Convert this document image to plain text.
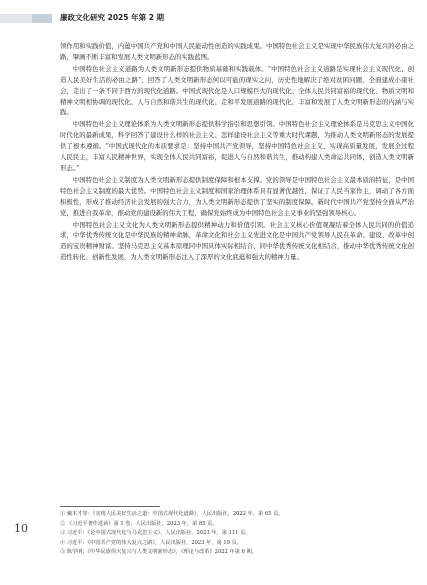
廉政文化研究 2025 年第 2 期

领作用和实践价值，内蕴中国共产党和中国人民能动性创造的实践成果。中国特色社会主义是实现中华民族伟大复兴的必由之路，擘画不断丰富和发展人类文明新形态的实践蓝图。

中国特色社会主义道路为人类文明新形态提供物质基础和实践载体。“中国特色社会主义道路是实现社会主义现代化、创造人民美好生活的必由之路”，回答了人类文明新形态何以可能的现实之问，历史性地解决了绝对贫困问题，全面建成小康社会，走出了一条不同于西方的现代化道路。中国式现代化是人口规模巨大的现代化、全体人民共同富裕的现代化、物质文明和精神文明相协调的现代化、人与自然和谐共生的现代化、走和平发展道路的现代化，丰富和发展了人类文明新形态的内涵与实践。

中国特色社会主义理论体系为人类文明新形态提供科学指引和思想引领。中国特色社会主义理论体系是马克思主义中国化时代化的最新成果，科学回答了建设什么样的社会主义、怎样建设社会主义等重大时代课题，为推动人类文明新形态的发展提供了根本遵循。“中国式现代化的本质要求是：坚持中国共产党领导，坚持中国特色社会主义，实现高质量发展，发展全过程人民民主，丰富人民精神世界，实现全体人民共同富裕，促进人与自然和谐共生，推动构建人类命运共同体，创造人类文明新形态。”

中国特色社会主义制度为人类文明新形态提供制度保障和根本支撑。党的领导是中国特色社会主义最本质的特征，是中国特色社会主义制度的最大优势。中国特色社会主义制度和国家治理体系具有显著优越性，保证了人民当家作主，调动了各方面积极性，形成了推动经济社会发展的强大合力，为人类文明新形态提供了坚实的制度保障。新时代中国共产党坚持全面从严治党，推进自我革命，推动党的建设新的伟大工程，确保党始终成为中国特色社会主义事业的坚强领导核心。

中国特色社会主义文化为人类文明新形态提供精神动力和价值引领。社会主义核心价值观凝结着全体人民共同的价值追求，中华优秀传统文化是中华民族的精神命脉，革命文化和社会主义先进文化是中国共产党领导人民在革命、建设、改革中创造的宝贵精神财富。坚持马克思主义基本原理同中国具体实际相结合、同中华优秀传统文化相结合，推动中华优秀传统文化创造性转化、创新性发展，为人类文明新形态注入了深厚的文化底蕴和强大的精神力量。

① 戴木才等：《实现人民美好生活之道：中国式现代化道路》，人民出版社，2022 年，第 65 页。
② 《习近平著作选读》第 1 卷，人民出版社，2023 年，第 85 页。
③ 习近平：《论中国式现代化与马克思主义》，人民出版社，2023 年，第 111 页。
④ 习近平：《中国共产党的伟大复兴之路》，人民出版社，2023 年，第 19 页。
⑤ 陈学明：《中华民族伟大复兴与人类文明新形态》，《理论与改革》2022 年第 6 期。
10
